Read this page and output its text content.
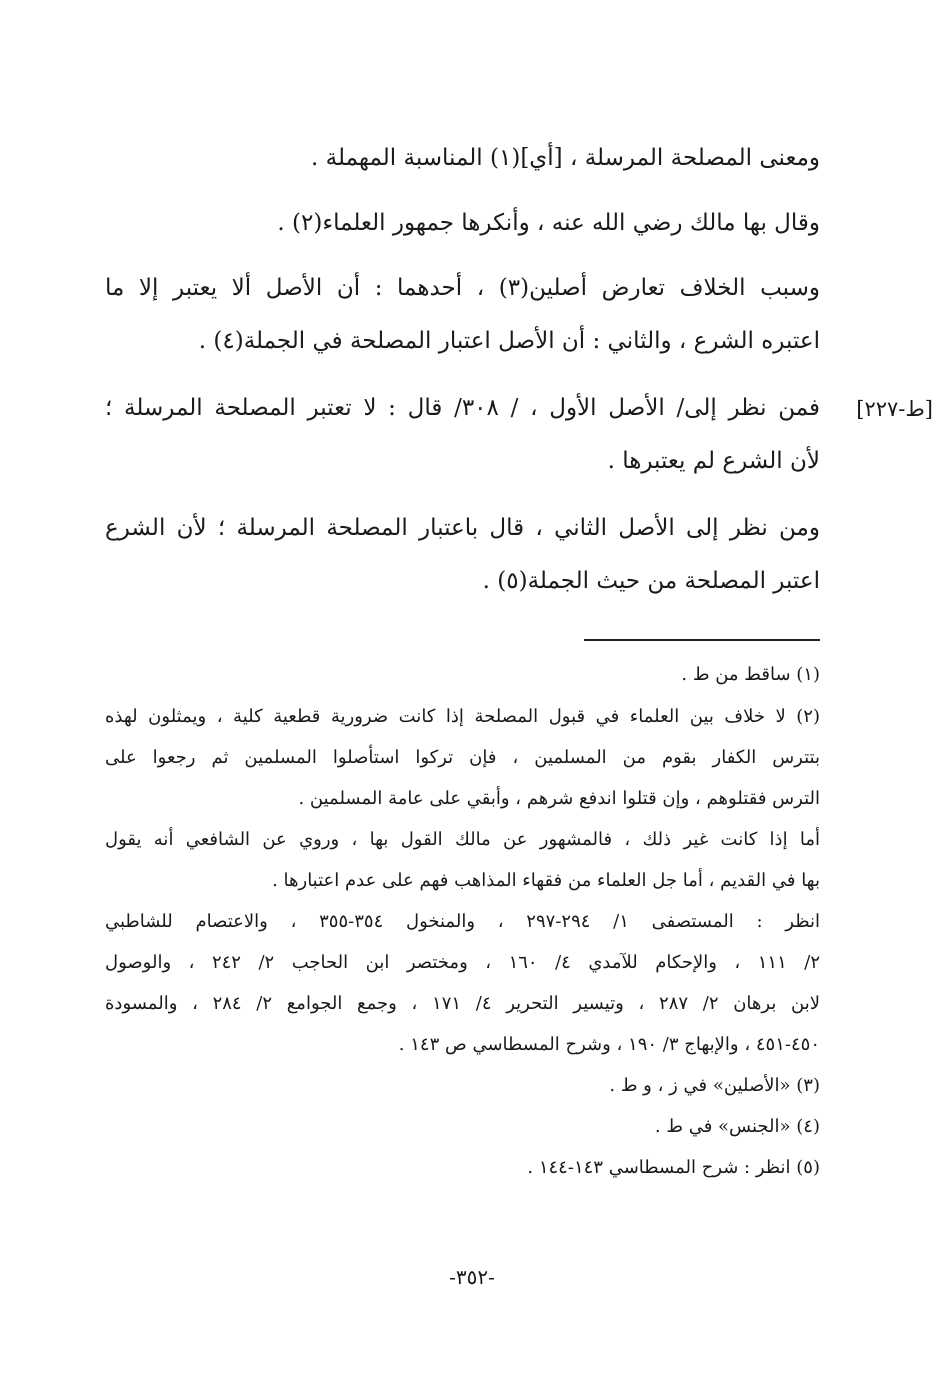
ومعنى المصلحة المرسلة ، [أي](١) المناسبة المهملة .
وقال بها مالك رضي الله عنه ، وأنكرها جمهور العلماء(٢) .
وسبب الخلاف تعارض أصلين(٣) ، أحدهما : أن الأصل ألا يعتبر إلا ما
اعتبره الشرع ، والثاني : أن الأصل اعتبار المصلحة في الجملة(٤) .
فمن نظر إلى/ الأصل الأول ، / ٣٠٨/ قال : لا تعتبر المصلحة المرسلة ؛
لأن الشرع لم يعتبرها .
ومن نظر إلى الأصل الثاني ، قال باعتبار المصلحة المرسلة ؛ لأن الشرع
اعتبر المصلحة من حيث الجملة(٥) .
[ط-٢٢٧]
(١) ساقط من ط .
(٢) لا خلاف بين العلماء في قبول المصلحة إذا كانت ضرورية قطعية كلية ، ويمثلون لهذه
بتترس الكفار بقوم من المسلمين ، فإن تركوا استأصلوا المسلمين ثم رجعوا على
الترس فقتلوهم ، وإن قتلوا اندفع شرهم ، وأبقي على عامة المسلمين .
أما إذا كانت غير ذلك ، فالمشهور عن مالك القول بها ، وروي عن الشافعي أنه يقول
بها في القديم ، أما جل العلماء من فقهاء المذاهب فهم على عدم اعتبارها .
انظر : المستصفى ١/ ٢٩٤-٢٩٧ ، والمنخول ٣٥٤-٣٥٥ ، والاعتصام للشاطبي
٢/ ١١١ ، والإحكام للآمدي ٤/ ١٦٠ ، ومختصر ابن الحاجب ٢/ ٢٤٢ ، والوصول
لابن برهان ٢/ ٢٨٧ ، وتيسير التحرير ٤/ ١٧١ ، وجمع الجوامع ٢/ ٢٨٤ ، والمسودة
٤٥٠-٤٥١ ، والإبهاج ٣/ ١٩٠ ، وشرح المسطاسي ص ١٤٣ .
(٣) «الأصلين» في ز ، و ط .
(٤) «الجنس» في ط .
(٥) انظر : شرح المسطاسي ١٤٣-١٤٤ .
-٣٥٢-
